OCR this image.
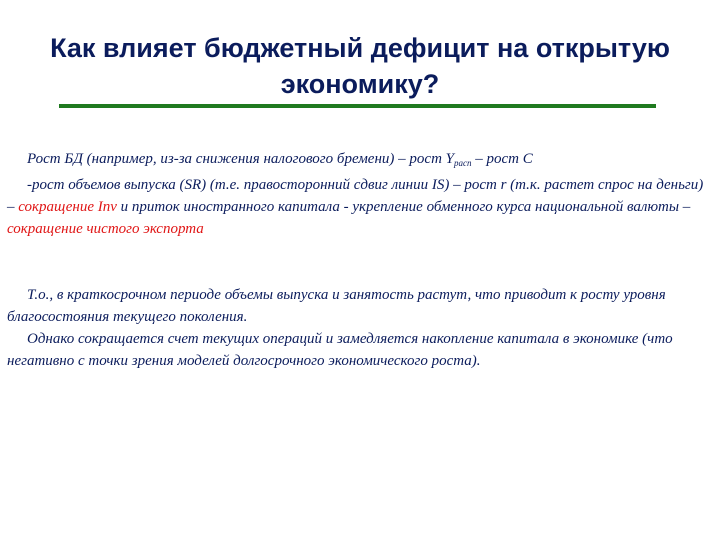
Как влияет бюджетный дефицит на открытую
экономику?

Рост БД (например, из-за снижения налогового бремени) – рост $Y_{расп}$ – рост С

-рост объемов выпуска (SR) (т.е. правосторонний сдвиг линии IS) – рост r (т.к. растет спрос на деньги) – сокращение Inv и приток иностранного капитала - укрепление обменного курса национальной валюты – сокращение чистого экспорта

Т.о., в краткосрочном периоде объемы выпуска и занятость растут, что приводит к росту уровня благосостояния текущего поколения.

Однако сокращается счет текущих операций и замедляется накопление капитала в экономике (что негативно с точки зрения моделей долгосрочного экономического роста).
